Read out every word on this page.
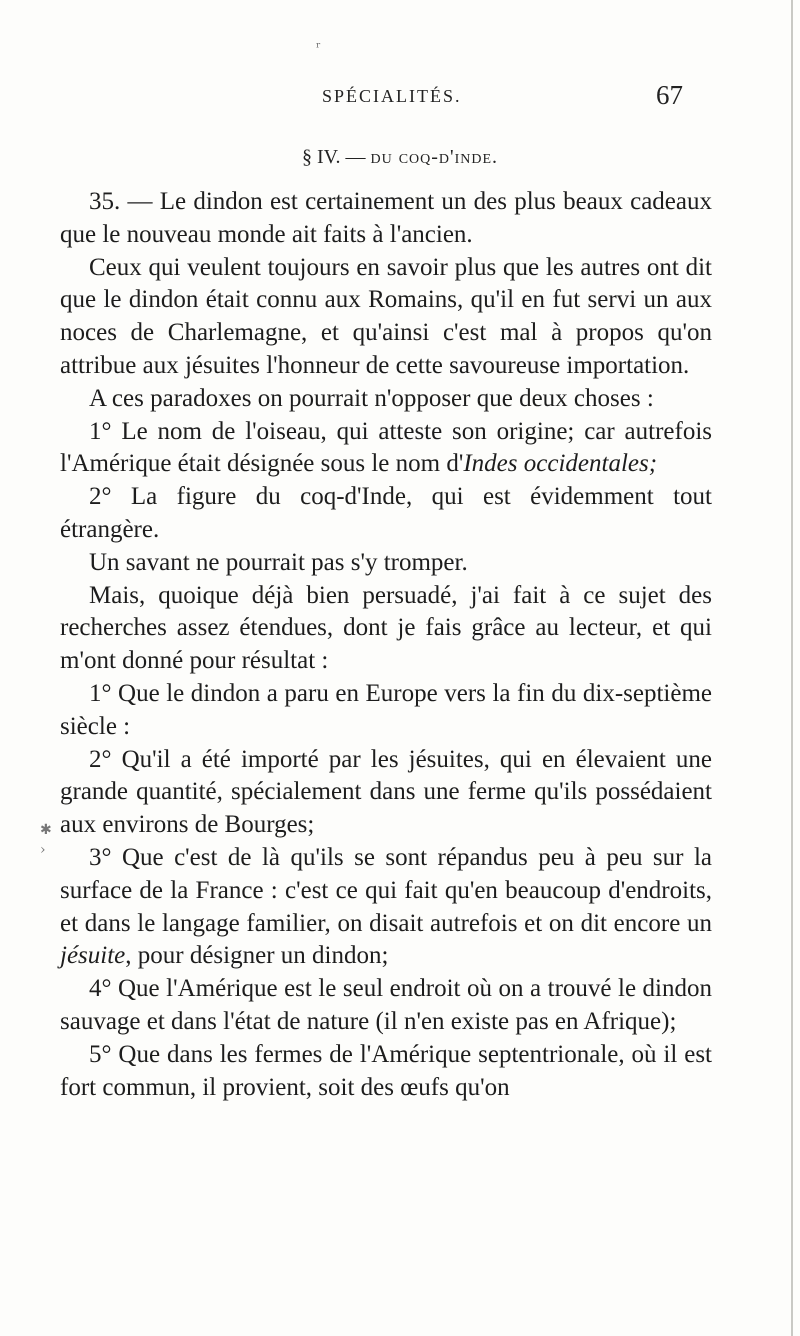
ʳ
SPÉCIALITÉS.	67
§ IV. — du coq-d'inde.

35. — Le dindon est certainement un des plus beaux cadeaux que le nouveau monde ait faits à l'ancien.

Ceux qui veulent toujours en savoir plus que les autres ont dit que le dindon était connu aux Romains, qu'il en fut servi un aux noces de Charlemagne, et qu'ainsi c'est mal à propos qu'on attribue aux jésuites l'honneur de cette savoureuse importation.

A ces paradoxes on pourrait n'opposer que deux choses :

1° Le nom de l'oiseau, qui atteste son origine; car autrefois l'Amérique était désignée sous le nom d'Indes occidentales;

2° La figure du coq-d'Inde, qui est évidemment tout étrangère.

Un savant ne pourrait pas s'y tromper.

Mais, quoique déjà bien persuadé, j'ai fait à ce sujet des recherches assez étendues, dont je fais grâce au lecteur, et qui m'ont donné pour résultat :

1° Que le dindon a paru en Europe vers la fin du dix-septième siècle :

2° Qu'il a été importé par les jésuites, qui en élevaient une grande quantité, spécialement dans une ferme qu'ils possédaient aux environs de Bourges;

3° Que c'est de là qu'ils se sont répandus peu à peu sur la surface de la France : c'est ce qui fait qu'en beaucoup d'endroits, et dans le langage familier, on disait autrefois et on dit encore un jésuite, pour désigner un dindon;

4° Que l'Amérique est le seul endroit où on a trouvé le dindon sauvage et dans l'état de nature (il n'en existe pas en Afrique);

5° Que dans les fermes de l'Amérique septentrionale, où il est fort commun, il provient, soit des œufs qu'on

✱
›
